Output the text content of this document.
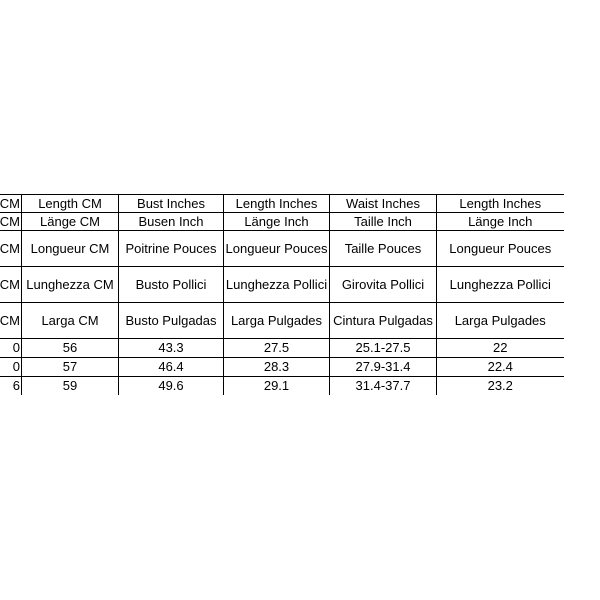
CM	Length CM	Bust Inches	Length Inches	Waist Inches	Length Inches
CM	Länge CM	Busen Inch	Länge Inch	Taille Inch	Länge Inch
CM	Longueur CM	Poitrine Pouces	Longueur Pouces	Taille Pouces	Longueur Pouces
CM	Lunghezza CM	Busto Pollici	Lunghezza Pollici	Girovita Pollici	Lunghezza Pollici
CM	Larga CM	Busto Pulgadas	Larga Pulgades	Cintura Pulgadas	Larga Pulgades
0	56	43.3	27.5	25.1-27.5	22
0	57	46.4	28.3	27.9-31.4	22.4
6	59	49.6	29.1	31.4-37.7	23.2
